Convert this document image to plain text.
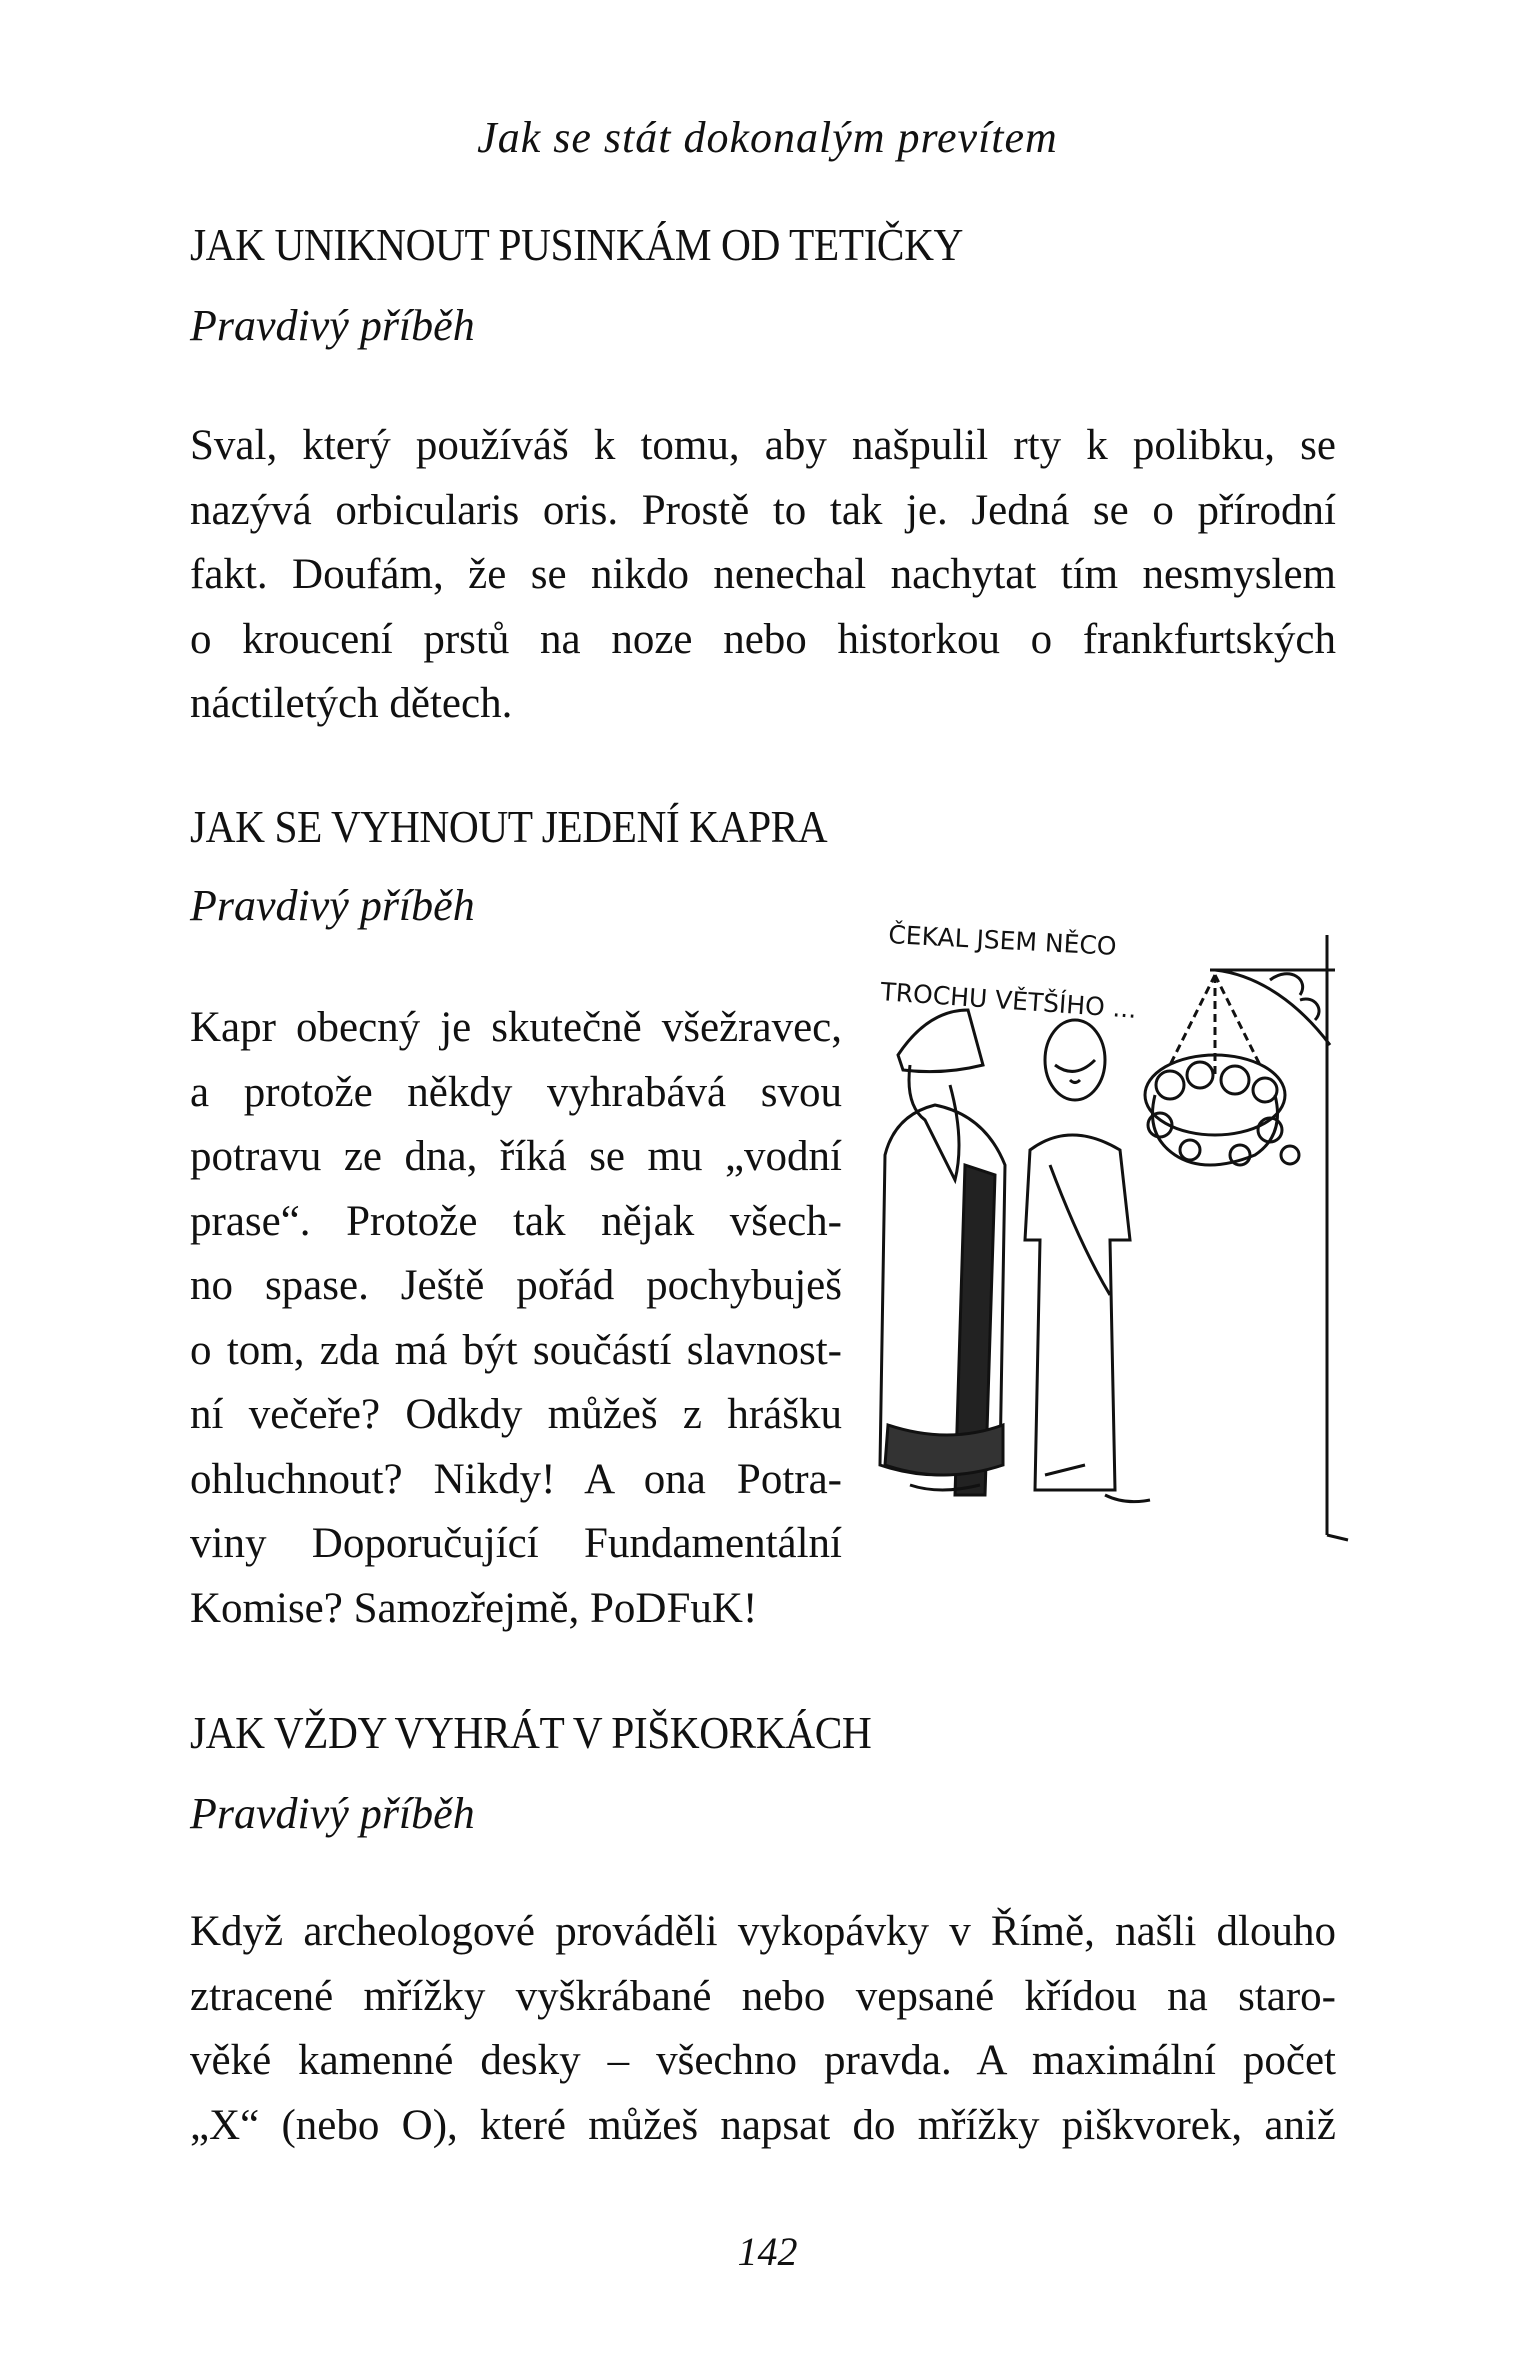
Jak se stát dokonalým prevítem
JAK UNIKNOUT PUSINKÁM OD TETIČKY
Pravdivý příběh
Sval, který používáš k tomu, aby našpulil rty k polibku, se
nazývá orbicularis oris. Prostě to tak je. Jedná se o přírodní
fakt. Doufám, že se nikdo nenechal nachytat tím nesmyslem
o kroucení prstů na noze nebo historkou o frankfurtských
náctiletých dětech.
JAK SE VYHNOUT JEDENÍ KAPRA
Pravdivý příběh
Kapr obecný je skutečně všežravec,
a protože někdy vyhrabává svou
potravu ze dna, říká se mu „vodní
prase“. Protože tak nějak všech-
no spase. Ještě pořád pochybuješ
o tom, zda má být součástí slavnost-
ní večeře? Odkdy můžeš z hrášku
ohluchnout? Nikdy! A ona Potra-
viny Doporučující Fundamentální
Komise? Samozřejmě, PoDFuK!
ČEKAL JSEM NĚCO
TROCHU VĚTŠÍHO ...
JAK VŽDY VYHRÁT V PIŠKORKÁCH
Pravdivý příběh
Když archeologové prováděli vykopávky v Římě, našli dlouho
ztracené mřížky vyškrábané nebo vepsané křídou na staro-
věké kamenné desky – všechno pravda. A maximální počet
„X“ (nebo O), které můžeš napsat do mřížky piškvorek, aniž
142
